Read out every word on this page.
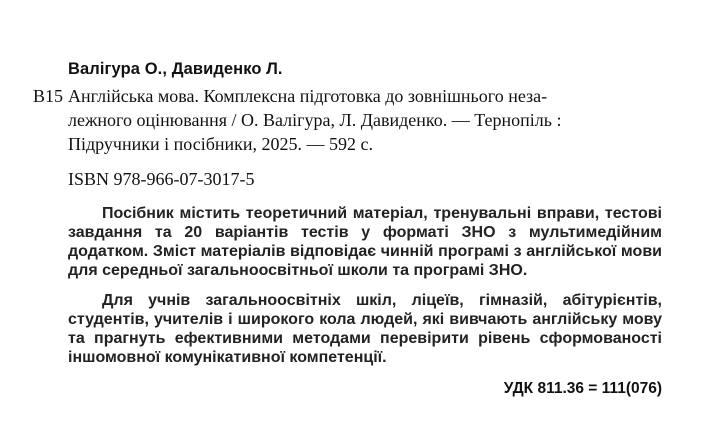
Валігура О., Давиденко Л.
В15 Англійська мова. Комплексна підготовка до зовнішнього неза-
лежного оцінювання / О. Валігура, Л. Давиденко. — Тернопіль :
Підручники і посібники, 2025. — 592 с.
ISBN 978-966-07-3017-5

Посібник містить теоретичний матеріал, тренувальні вправи, тестові завдання та 20 варіантів тестів у форматі ЗНО з мультимедійним додатком. Зміст матеріалів відповідає чинній програмі з англійської мови для середньої загальноосвітньої школи та програмі ЗНО.

Для учнів загальноосвітніх шкіл, ліцеїв, гімназій, абітурієнтів, студентів, учителів і широкого кола людей, які вивчають англійську мову та прагнуть ефективними методами перевірити рівень сформованості іншомовної комунікативної компетенції.

УДК 811.36 = 111(076)
